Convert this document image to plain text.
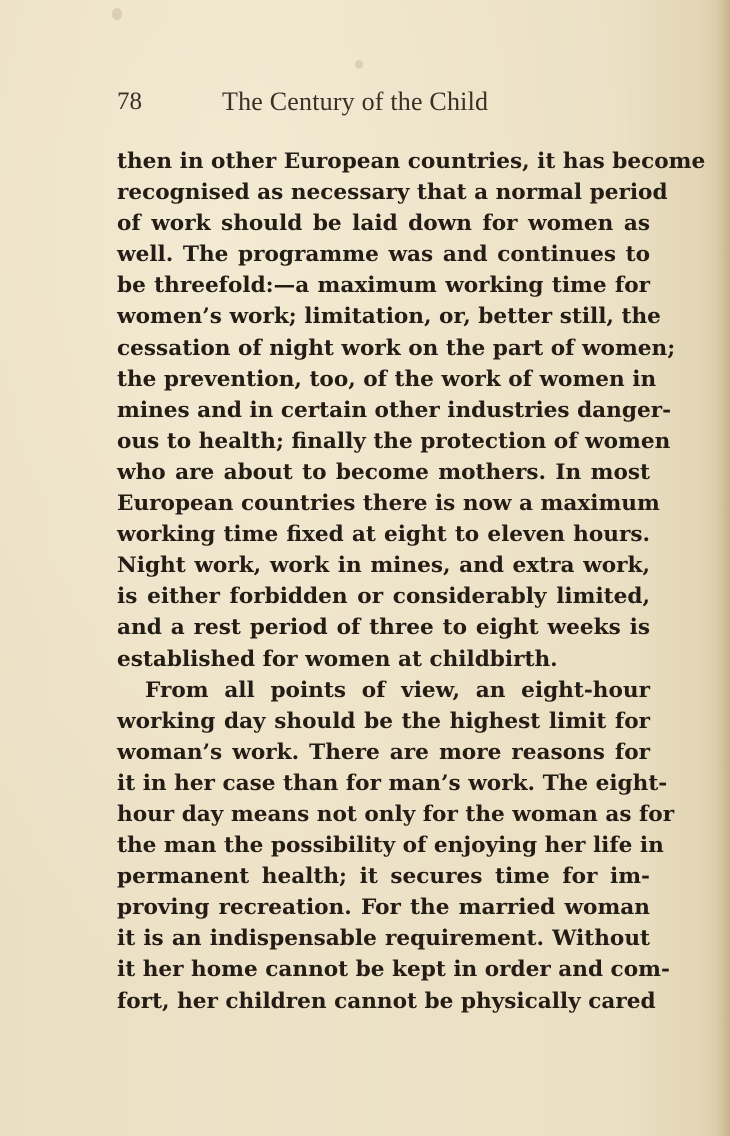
78	The Century of the Child
then in other European countries, it has become
recognised as necessary that a normal period
of work should be laid down for women as
well. The programme was and continues to
be threefold:—a maximum working time for
women’s work; limitation, or, better still, the
cessation of night work on the part of women;
the prevention, too, of the work of women in
mines and in certain other industries danger-
ous to health; finally the protection of women
who are about to become mothers. In most
European countries there is now a maximum
working time fixed at eight to eleven hours.
Night work, work in mines, and extra work,
is either forbidden or considerably limited,
and a rest period of three to eight weeks is
established for women at childbirth.
From all points of view, an eight-hour
working day should be the highest limit for
woman’s work. There are more reasons for
it in her case than for man’s work. The eight-
hour day means not only for the woman as for
the man the possibility of enjoying her life in
permanent health; it secures time for im-
proving recreation. For the married woman
it is an indispensable requirement. Without
it her home cannot be kept in order and com-
fort, her children cannot be physically cared
